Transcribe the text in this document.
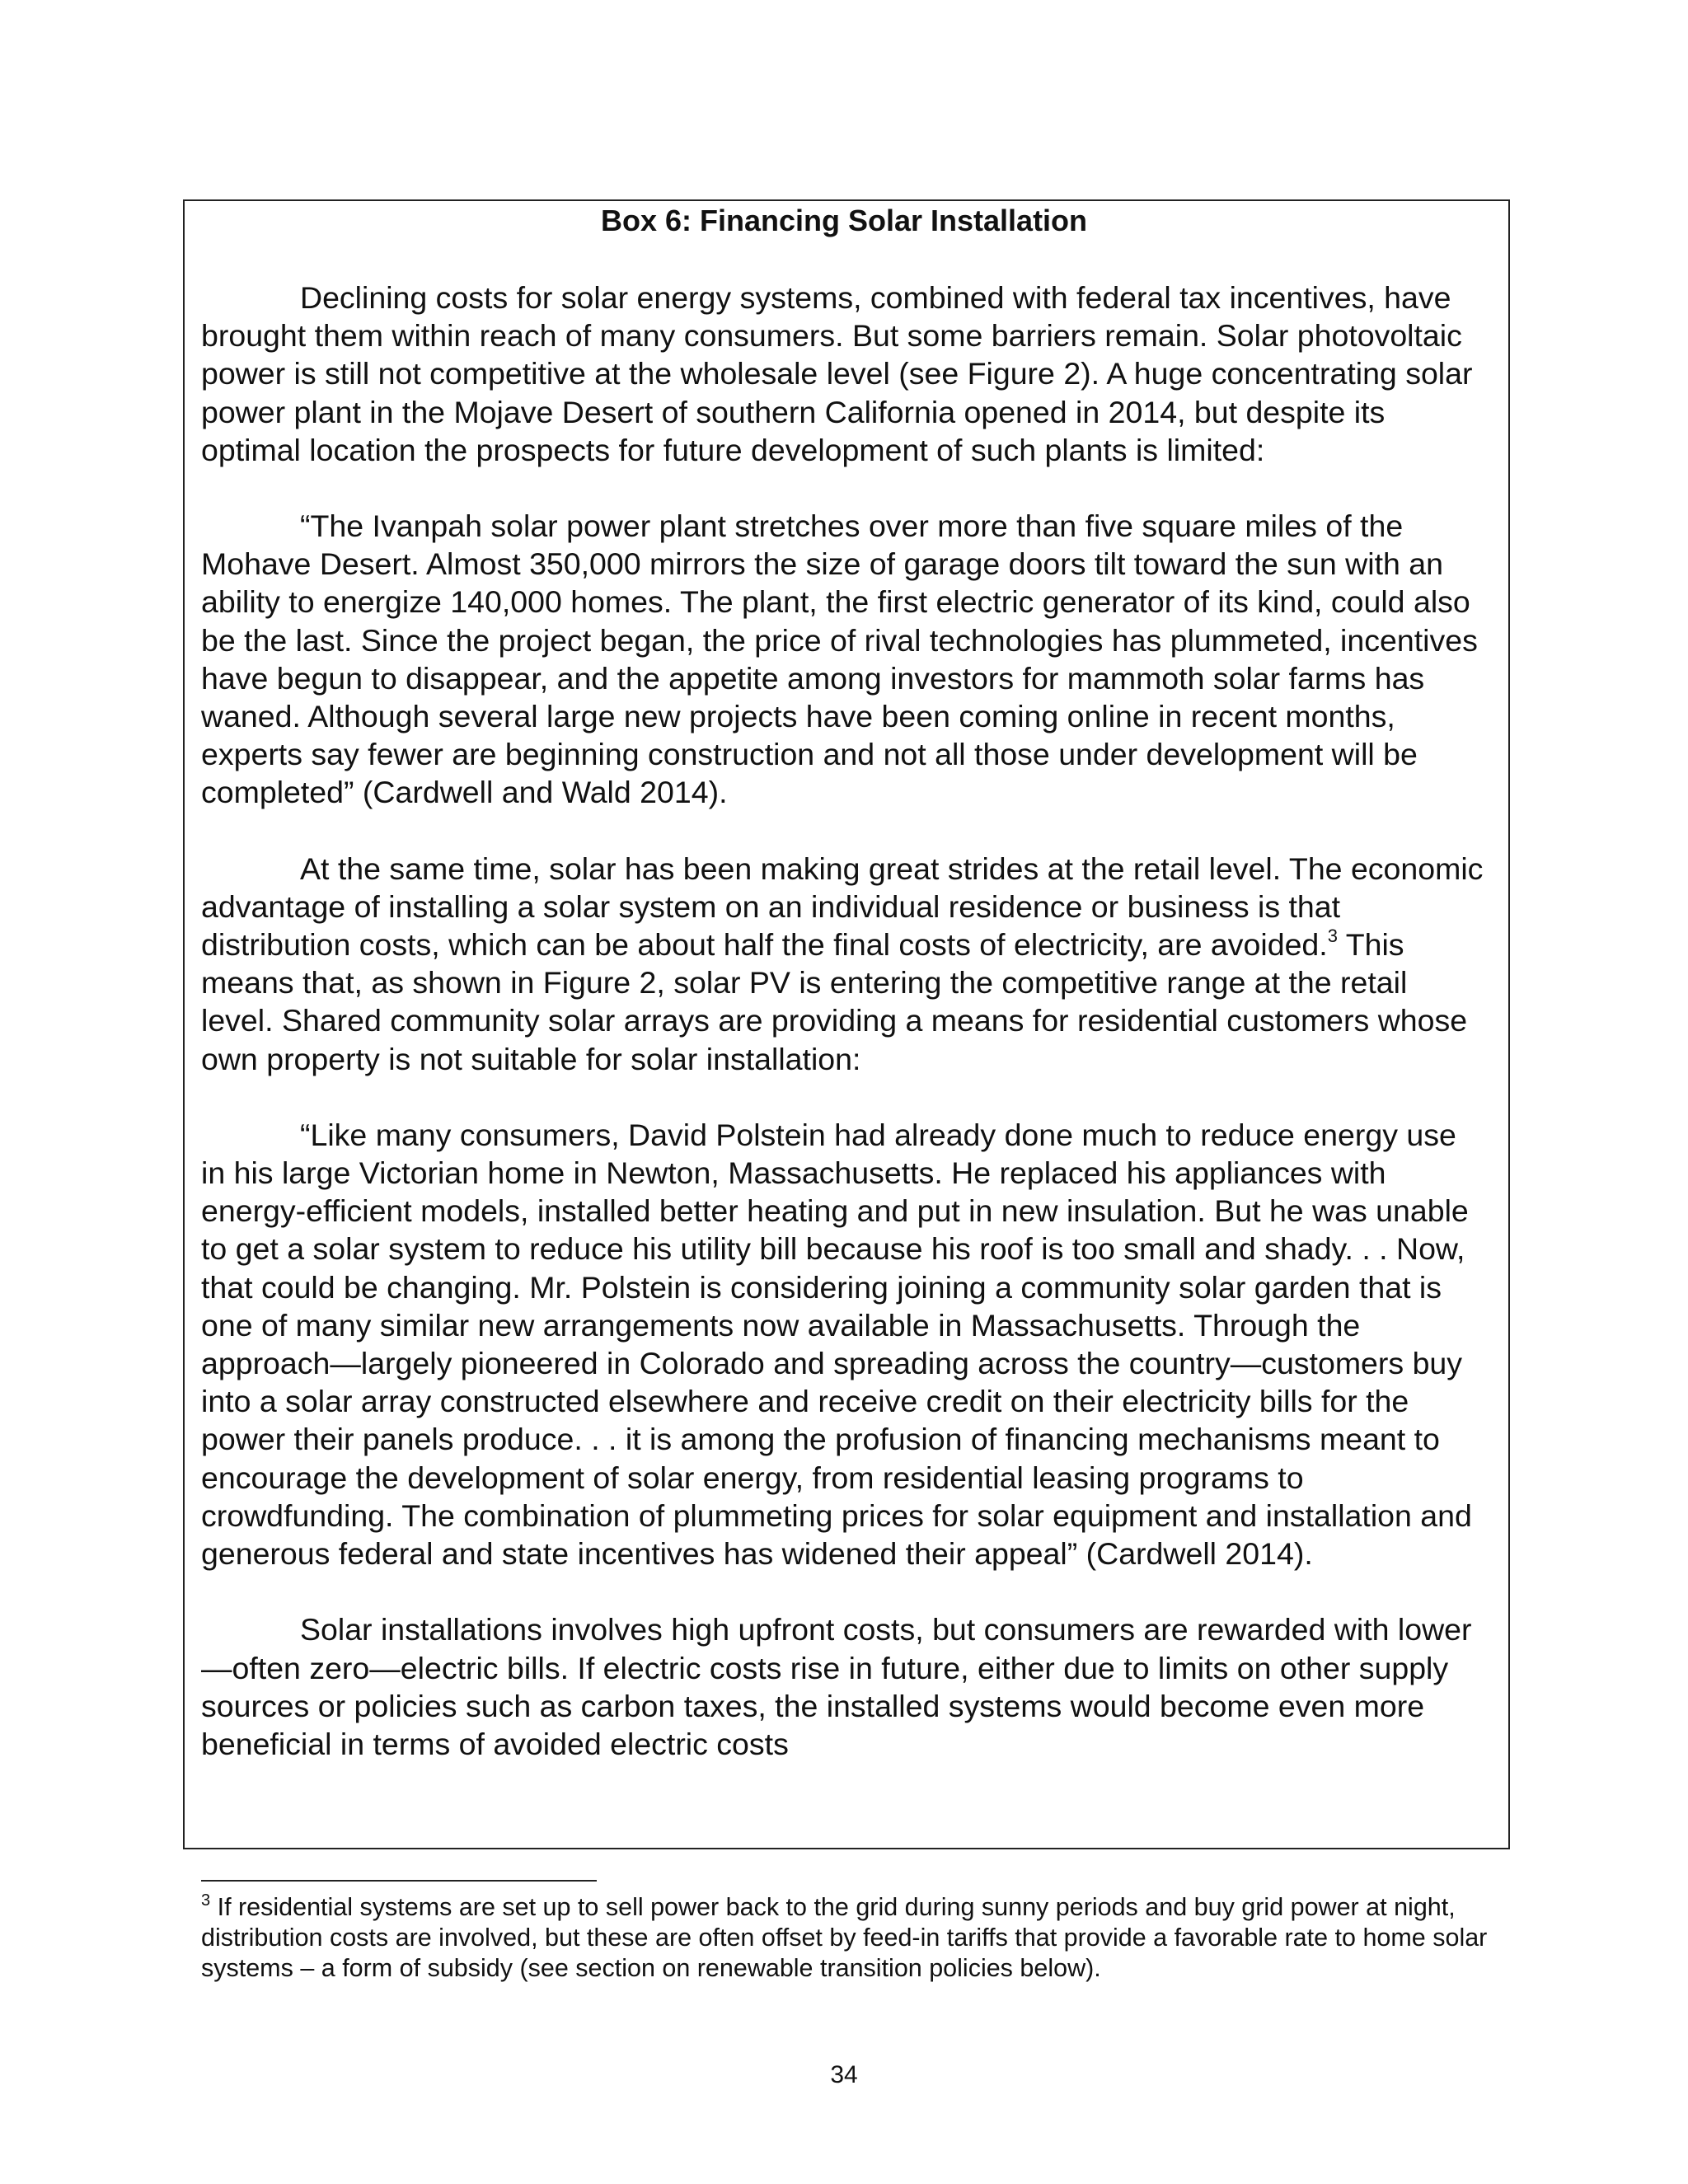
Box 6: Financing Solar Installation

Declining costs for solar energy systems, combined with federal tax incentives, have brought them within reach of many consumers. But some barriers remain. Solar photovoltaic power is still not competitive at the wholesale level (see Figure 2). A huge concentrating solar power plant in the Mojave Desert of southern California opened in 2014, but despite its optimal location the prospects for future development of such plants is limited:

“The Ivanpah solar power plant stretches over more than five square miles of the Mohave Desert. Almost 350,000 mirrors the size of garage doors tilt toward the sun with an ability to energize 140,000 homes. The plant, the first electric generator of its kind, could also be the last. Since the project began, the price of rival technologies has plummeted, incentives have begun to disappear, and the appetite among investors for mammoth solar farms has waned. Although several large new projects have been coming online in recent months, experts say fewer are beginning construction and not all those under development will be completed” (Cardwell and Wald 2014).

At the same time, solar has been making great strides at the retail level. The economic advantage of installing a solar system on an individual residence or business is that distribution costs, which can be about half the final costs of electricity, are avoided.$^3$ This means that, as shown in Figure 2, solar PV is entering the competitive range at the retail level. Shared community solar arrays are providing a means for residential customers whose own property is not suitable for solar installation:

“Like many consumers, David Polstein had already done much to reduce energy use in his large Victorian home in Newton, Massachusetts. He replaced his appliances with energy-efficient models, installed better heating and put in new insulation. But he was unable to get a solar system to reduce his utility bill because his roof is too small and shady. . . Now, that could be changing. Mr. Polstein is considering joining a community solar garden that is one of many similar new arrangements now available in Massachusetts. Through the approach—largely pioneered in Colorado and spreading across the country—customers buy into a solar array constructed elsewhere and receive credit on their electricity bills for the power their panels produce. . . it is among the profusion of financing mechanisms meant to encourage the development of solar energy, from residential leasing programs to crowdfunding. The combination of plummeting prices for solar equipment and installation and generous federal and state incentives has widened their appeal” (Cardwell 2014).

Solar installations involves high upfront costs, but consumers are rewarded with lower—often zero—electric bills. If electric costs rise in future, either due to limits on other supply sources or policies such as carbon taxes, the installed systems would become even more beneficial in terms of avoided electric costs

$^3$ If residential systems are set up to sell power back to the grid during sunny periods and buy grid power at night, distribution costs are involved, but these are often offset by feed-in tariffs that provide a favorable rate to home solar systems – a form of subsidy (see section on renewable transition policies below).

34
